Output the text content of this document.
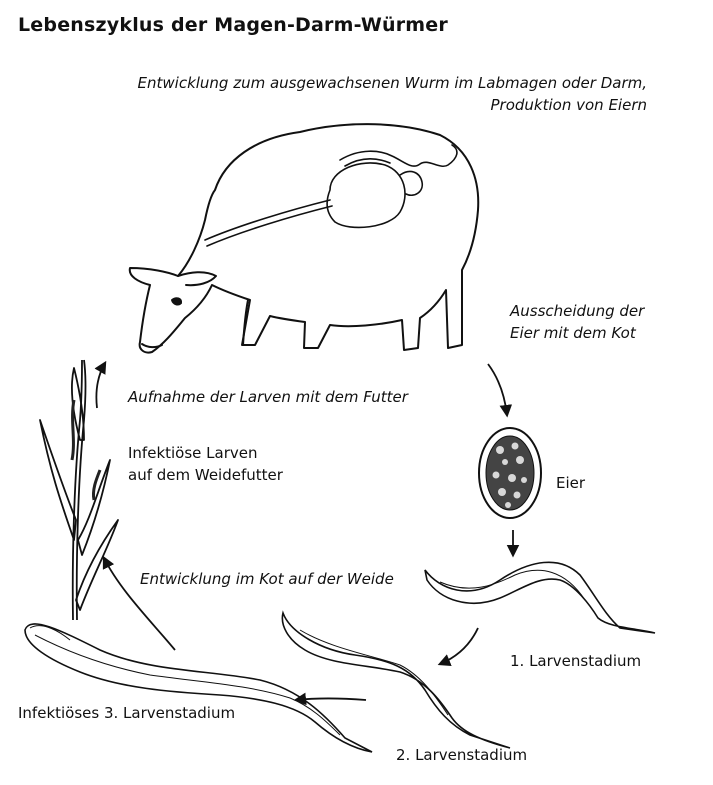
Lebenszyklus der Magen-Darm-Würmer
Entwicklung zum ausgewachsenen Wurm im Labmagen oder Darm,
Produktion von Eiern
Ausscheidung der
Eier mit dem Kot
Eier
1. Larvenstadium
2. Larvenstadium
Infektiöses 3. Larvenstadium
Entwicklung im Kot auf der Weide
Infektiöse Larven
auf dem Weidefutter
Aufnahme der Larven mit dem Futter
